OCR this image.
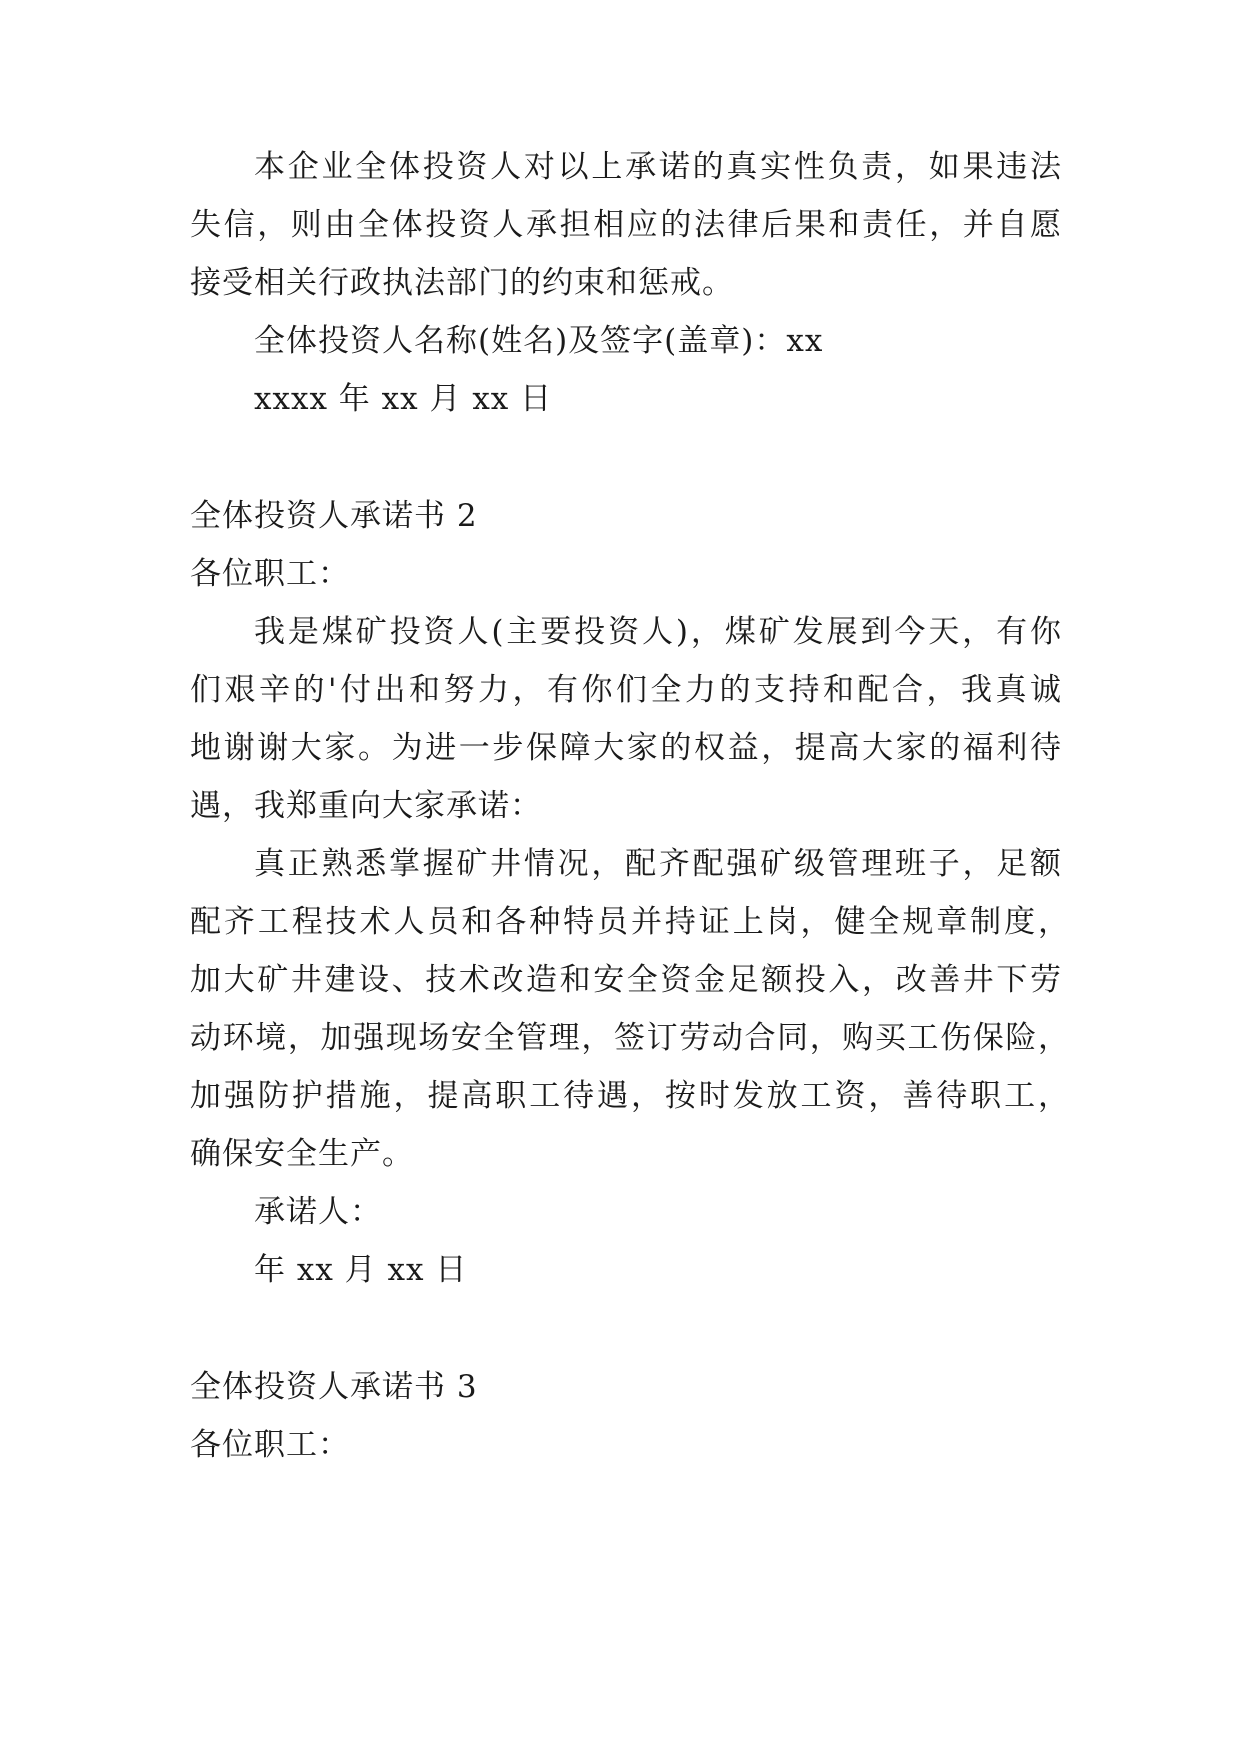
本企业全体投资人对以上承诺的真实性负责，如果违法

失信，则由全体投资人承担相应的法律后果和责任，并自愿

接受相关行政执法部门的约束和惩戒。

全体投资人名称(姓名)及签字(盖章)：xx

xxxx 年 xx 月 xx 日

全体投资人承诺书 2

各位职工：

我是煤矿投资人(主要投资人)，煤矿发展到今天，有你

们艰辛的'付出和努力，有你们全力的支持和配合，我真诚

地谢谢大家。为进一步保障大家的权益，提高大家的福利待

遇，我郑重向大家承诺：

真正熟悉掌握矿井情况，配齐配强矿级管理班子，足额

配齐工程技术人员和各种特员并持证上岗，健全规章制度，

加大矿井建设、技术改造和安全资金足额投入，改善井下劳

动环境，加强现场安全管理，签订劳动合同，购买工伤保险，

加强防护措施，提高职工待遇，按时发放工资，善待职工，

确保安全生产。

承诺人：

年 xx 月 xx 日

全体投资人承诺书 3

各位职工：
